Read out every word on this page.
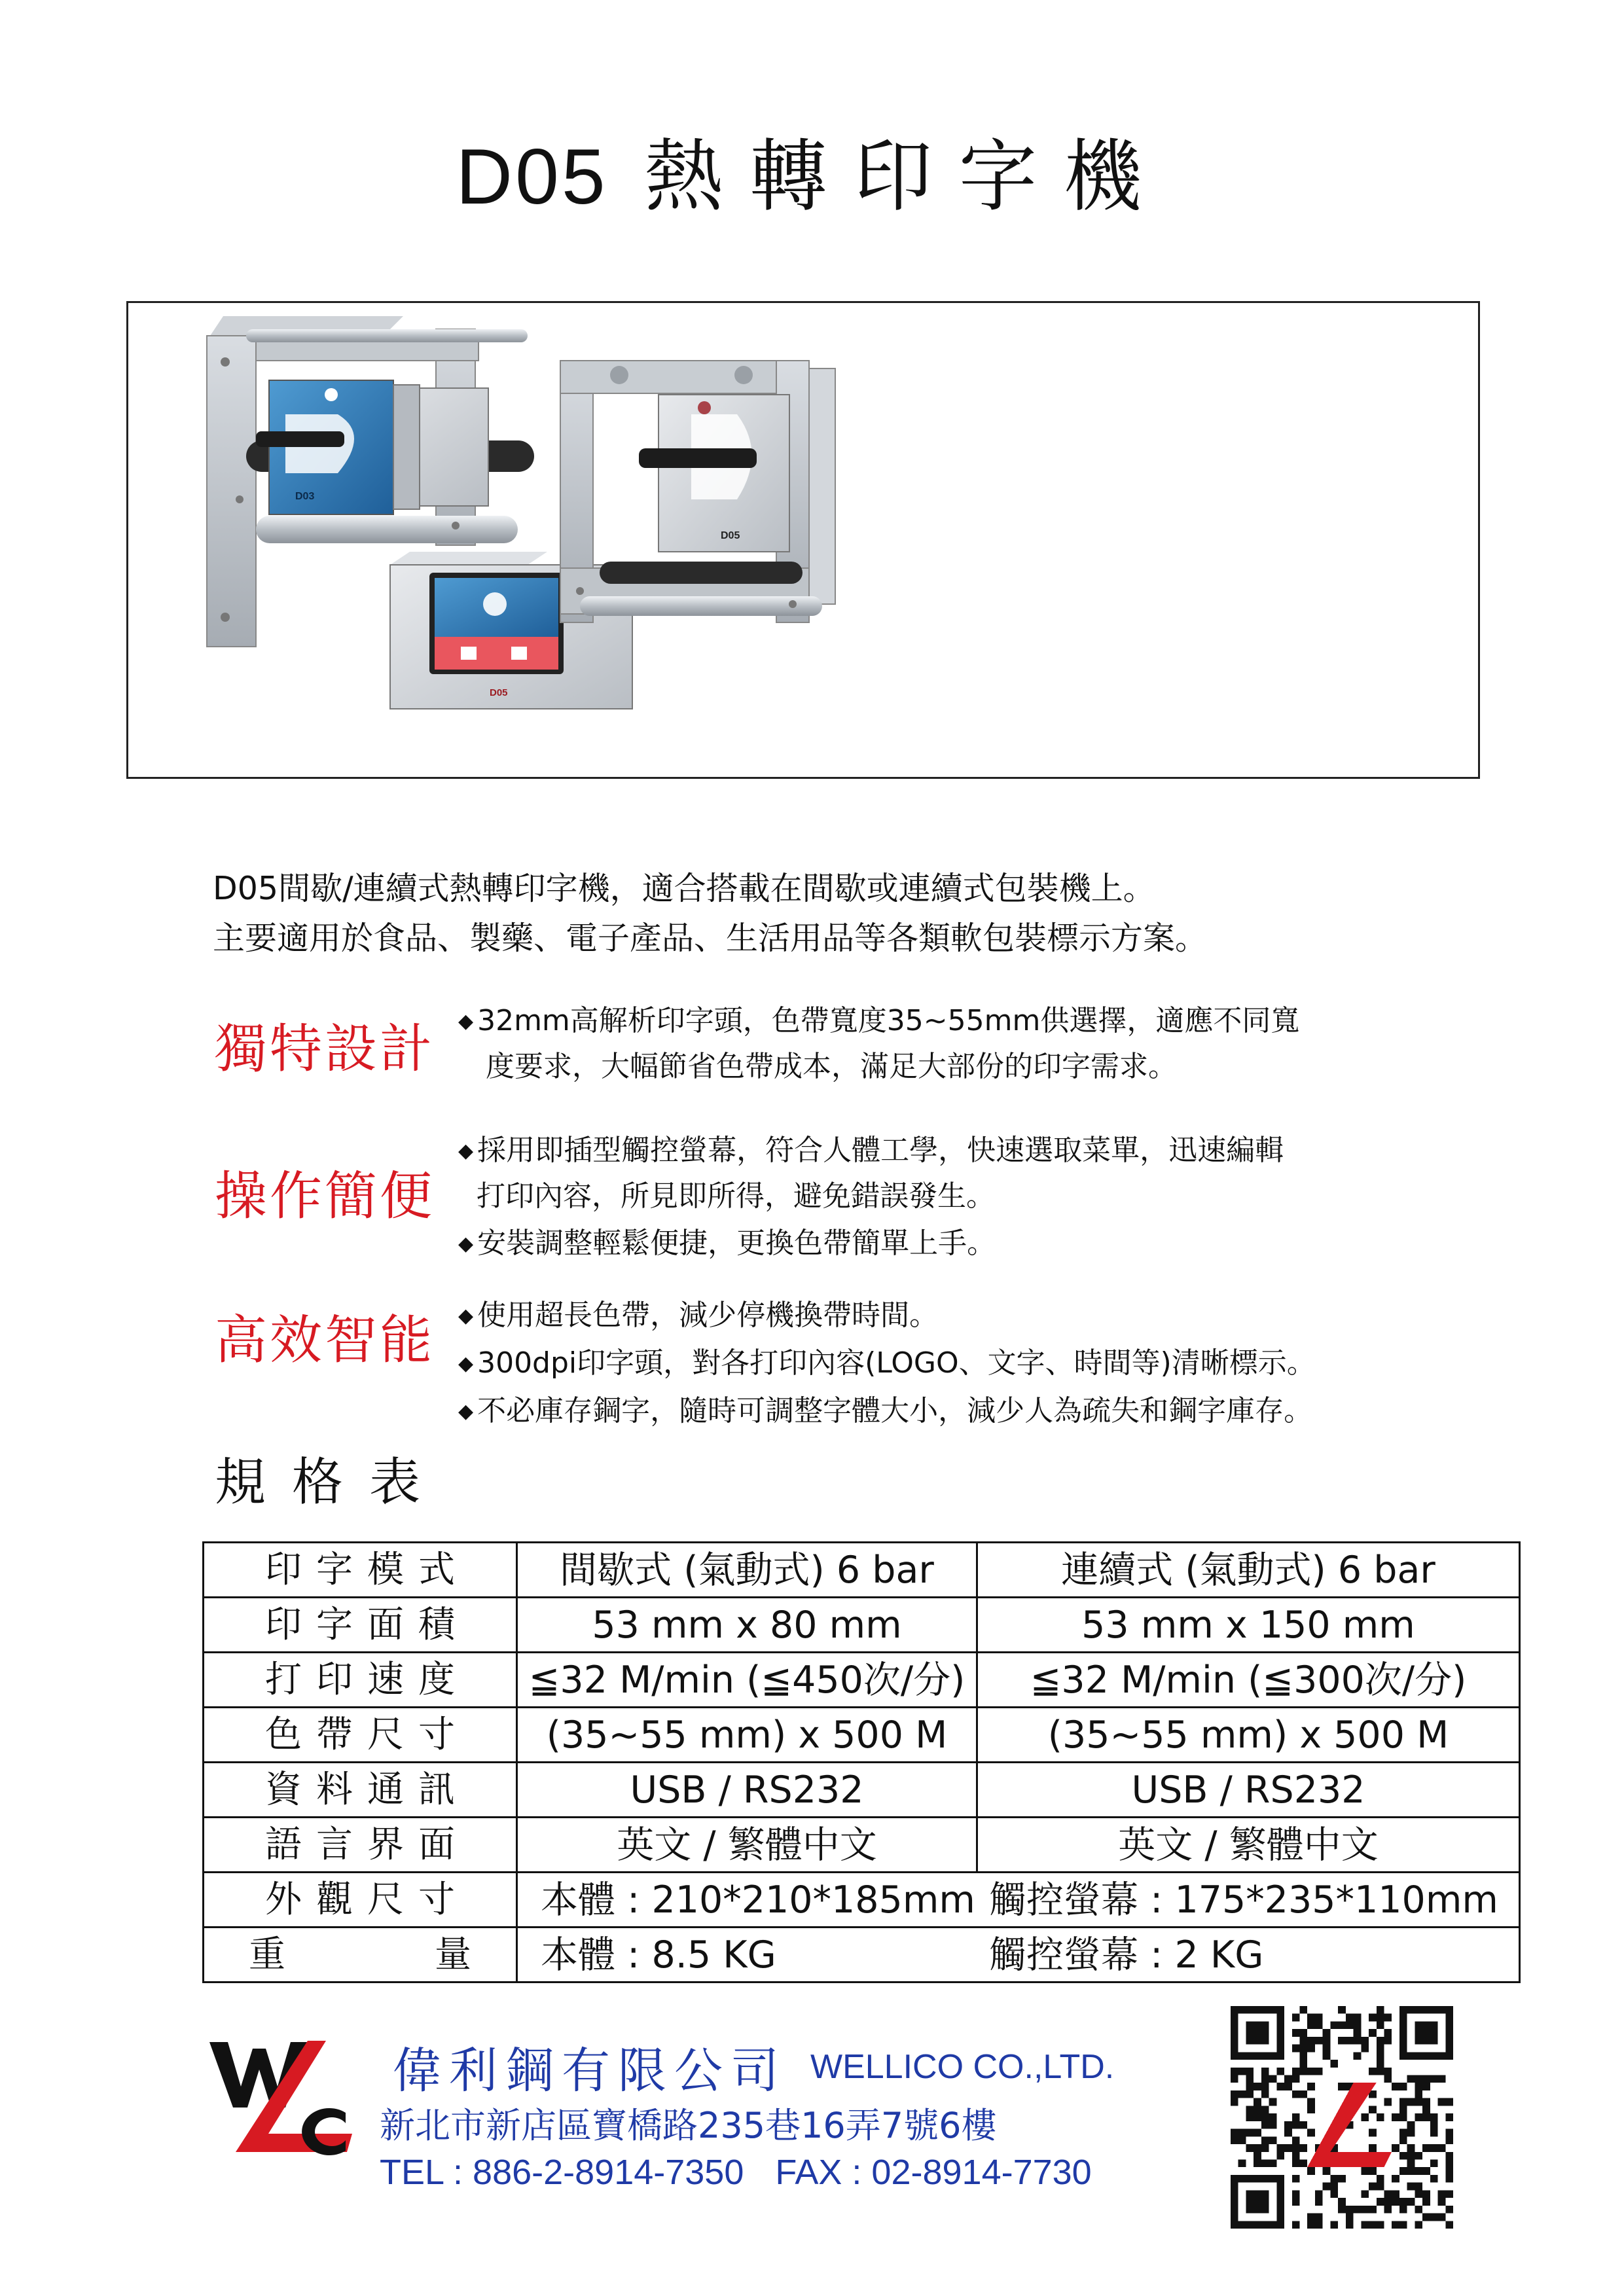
D05 熱轉印字機
D03
D05
D05
D05間歇/連續式熱轉印字機，適合搭載在間歇或連續式包裝機上。
主要適用於食品、製藥、電子產品、生活用品等各類軟包裝標示方案。
獨特設計 ◆ 32mm高解析印字頭，色帶寬度35~55mm供選擇，適應不同寬
度要求，大幅節省色帶成本，滿足大部份的印字需求。
操作簡便
◆ 採用即插型觸控螢幕，符合人體工學，快速選取菜單，迅速編輯
打印內容，所見即所得，避免錯誤發生。
◆ 安裝調整輕鬆便捷，更換色帶簡單上手。
高效智能 ◆ 使用超長色帶，減少停機換帶時間。
◆ 300dpi印字頭，對各打印內容(LOGO、文字、時間等)清晰標示。
◆ 不必庫存鋼字，隨時可調整字體大小，減少人為疏失和鋼字庫存。
規格表
印字模式	間歇式 (氣動式) 6 bar	連續式 (氣動式) 6 bar
印字面積	53 mm x 80 mm	53 mm x 150 mm
打印速度	≦32 M/min (≦450次/分)	≦32 M/min (≦300次/分)
色帶尺寸	(35~55 mm) x 500 M	(35~55 mm) x 500 M
資料通訊	USB / RS232	USB / RS232
語言界面	英文 / 繁體中文	英文 / 繁體中文
外觀尺寸	本體 : 210*210*185mm 觸控螢幕 : 175*235*110mm	
重量	本體 : 8.5 KG 觸控螢幕 : 2 KG	
偉利鋼有限公司 WELLICO CO.,LTD.
新北市新店區寶橋路235巷16弄7號6樓
TEL : 886-2-8914-7350 FAX : 02-8914-7730
